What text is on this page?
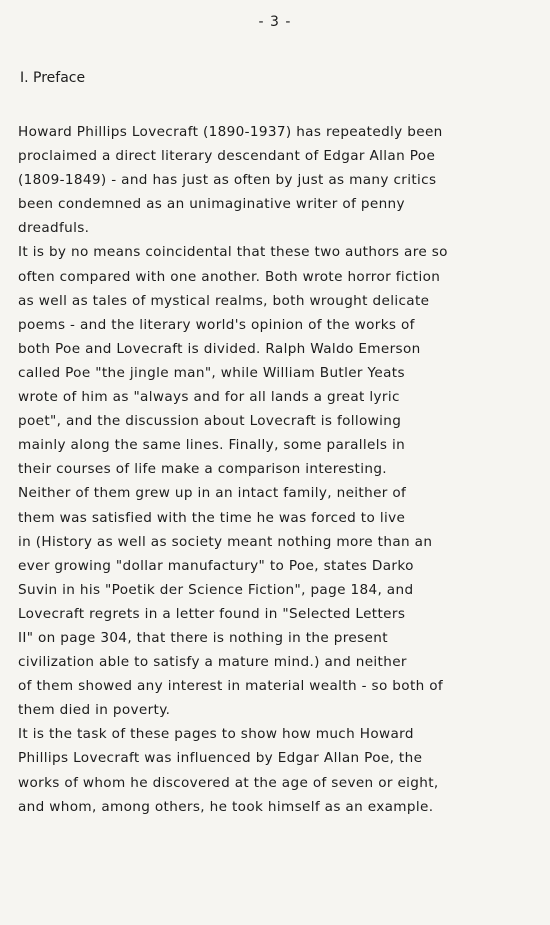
- 3 -
I. Preface
Howard Phillips Lovecraft (1890-1937) has repeatedly been
proclaimed a direct literary descendant of Edgar Allan Poe
(1809-1849) - and has just as often by just as many critics
been condemned as an unimaginative writer of penny
dreadfuls.
It is by no means coincidental that these two authors are so
often compared with one another. Both wrote horror fiction
as well as tales of mystical realms, both wrought delicate
poems - and the literary world's opinion of the works of
both Poe and Lovecraft is divided. Ralph Waldo Emerson
called Poe "the jingle man", while William Butler Yeats
wrote of him as "always and for all lands a great lyric
poet", and the discussion about Lovecraft is following
mainly along the same lines. Finally, some parallels in
their courses of life make a comparison interesting.
Neither of them grew up in an intact family, neither of
them was satisfied with the time he was forced to live
in (History as well as society meant nothing more than an
ever growing "dollar manufactury" to Poe, states Darko
Suvin in his "Poetik der Science Fiction", page 184, and
Lovecraft regrets in a letter found in "Selected Letters
II" on page 304, that there is nothing in the present
civilization able to satisfy a mature mind.) and neither
of them showed any interest in material wealth - so both of
them died in poverty.
It is the task of these pages to show how much Howard
Phillips Lovecraft was influenced by Edgar Allan Poe, the
works of whom he discovered at the age of seven or eight,
and whom, among others, he took himself as an example.
